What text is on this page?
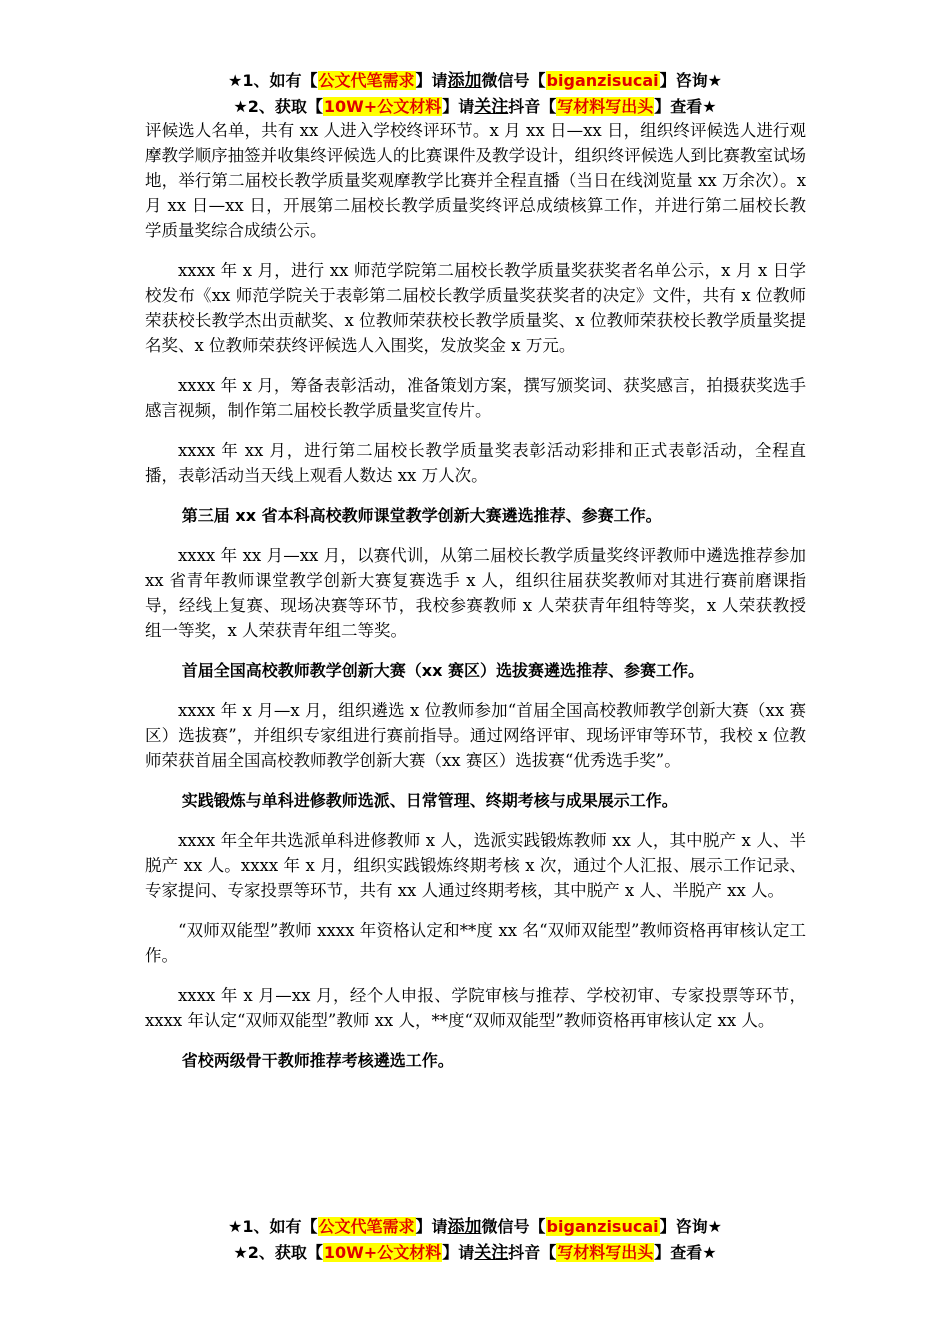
★1、如有【公文代笔需求】请添加微信号【biganzisucai】咨询★
★2、获取【10W+公文材料】请关注抖音【写材料写出头】查看★

评候选人名单，共有 xx 人进入学校终评环节。x 月 xx 日—xx 日，组织终评候选人进行观摩教学顺序抽签并收集终评候选人的比赛课件及教学设计，组织终评候选人到比赛教室试场地，举行第二届校长教学质量奖观摩教学比赛并全程直播（当日在线浏览量 xx 万余次）。x 月 xx 日—xx 日，开展第二届校长教学质量奖终评总成绩核算工作，并进行第二届校长教学质量奖综合成绩公示。

xxxx 年 x 月，进行 xx 师范学院第二届校长教学质量奖获奖者名单公示，x 月 x 日学校发布《xx 师范学院关于表彰第二届校长教学质量奖获奖者的决定》文件，共有 x 位教师荣获校长教学杰出贡献奖、x 位教师荣获校长教学质量奖、x 位教师荣获校长教学质量奖提名奖、x 位教师荣获终评候选人入围奖，发放奖金 x 万元。

xxxx 年 x 月，筹备表彰活动，准备策划方案，撰写颁奖词、获奖感言，拍摄获奖选手感言视频，制作第二届校长教学质量奖宣传片。

xxxx 年 xx 月，进行第二届校长教学质量奖表彰活动彩排和正式表彰活动，全程直播，表彰活动当天线上观看人数达 xx 万人次。

第三届 xx 省本科高校教师课堂教学创新大赛遴选推荐、参赛工作。

xxxx 年 xx 月—xx 月，以赛代训，从第二届校长教学质量奖终评教师中遴选推荐参加 xx 省青年教师课堂教学创新大赛复赛选手 x 人，组织往届获奖教师对其进行赛前磨课指导，经线上复赛、现场决赛等环节，我校参赛教师 x 人荣获青年组特等奖，x 人荣获教授组一等奖，x 人荣获青年组二等奖。

首届全国高校教师教学创新大赛（xx 赛区）选拔赛遴选推荐、参赛工作。

xxxx 年 x 月—x 月，组织遴选 x 位教师参加“首届全国高校教师教学创新大赛（xx 赛区）选拔赛”，并组织专家组进行赛前指导。通过网络评审、现场评审等环节，我校 x 位教师荣获首届全国高校教师教学创新大赛（xx 赛区）选拔赛“优秀选手奖”。

实践锻炼与单科进修教师选派、日常管理、终期考核与成果展示工作。

xxxx 年全年共选派单科进修教师 x 人，选派实践锻炼教师 xx 人，其中脱产 x 人、半脱产 xx 人。xxxx 年 x 月，组织实践锻炼终期考核 x 次，通过个人汇报、展示工作记录、专家提问、专家投票等环节，共有 xx 人通过终期考核，其中脱产 x 人、半脱产 xx 人。

“双师双能型”教师 xxxx 年资格认定和**度 xx 名“双师双能型”教师资格再审核认定工作。

xxxx 年 x 月—xx 月，经个人申报、学院审核与推荐、学校初审、专家投票等环节，xxxx 年认定“双师双能型”教师 xx 人，**度“双师双能型”教师资格再审核认定 xx 人。

省校两级骨干教师推荐考核遴选工作。

★1、如有【公文代笔需求】请添加微信号【biganzisucai】咨询★
★2、获取【10W+公文材料】请关注抖音【写材料写出头】查看★
